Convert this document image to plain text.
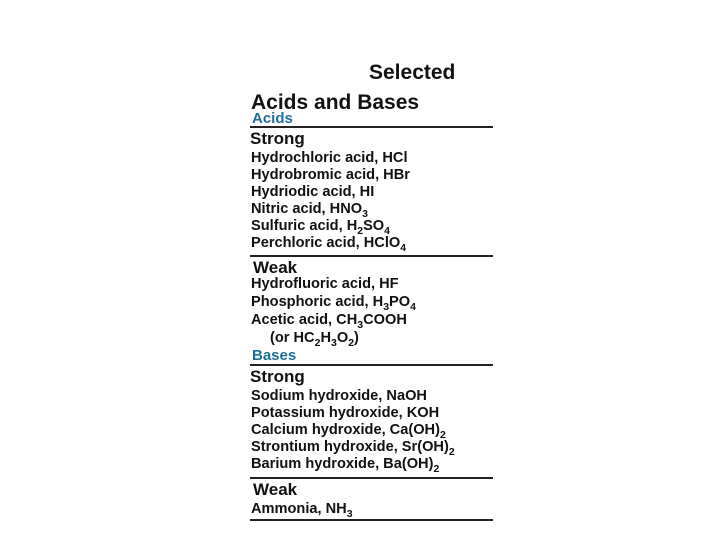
Selected
Acids and Bases
Acids
Strong

Hydrochloric acid, HCl

Hydrobromic acid, HBr

Hydriodic acid, HI

Nitric acid, $HNO_3$

Sulfuric acid, $H_2SO_4$

Perchloric acid, HClO$_4$

Weak

Hydrofluoric acid, HF

Phosphoric acid, $H_3PO_4$

Acetic acid, $CH_3COOH$

(or $HC_2H_3O_2$)

Bases
Strong

Sodium hydroxide, NaOH

Potassium hydroxide, KOH

Calcium hydroxide, $Ca(OH)_2$

Strontium hydroxide, $Sr(OH)_2$

Barium hydroxide, $Ba(OH)_2$

Weak

Ammonia, $NH_3$
